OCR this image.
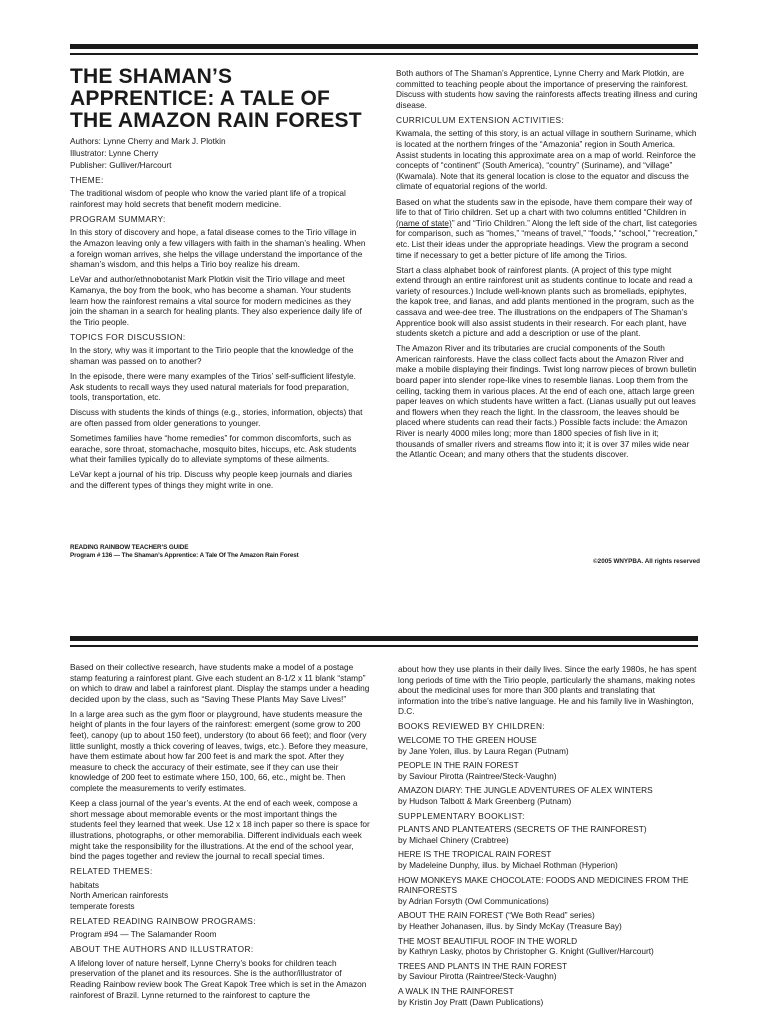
THE SHAMAN’S APPRENTICE: A TALE OF THE AMAZON RAIN FOREST
Authors: Lynne Cherry and Mark J. Plotkin
Illustrator: Lynne Cherry
Publisher: Gulliver/Harcourt
THEME:

The traditional wisdom of people who know the varied plant life of a tropical rainforest may hold secrets that benefit modern medicine.

PROGRAM SUMMARY:

In this story of discovery and hope, a fatal disease comes to the Tirio village in the Amazon leaving only a few villagers with faith in the shaman’s healing. When a foreign woman arrives, she helps the village understand the importance of the shaman’s wisdom, and this helps a Tirio boy realize his dream.

LeVar and author/ethnobotanist Mark Plotkin visit the Tirio village and meet Kamanya, the boy from the book, who has become a shaman. Your students learn how the rainforest remains a vital source for modern medicines as they join the shaman in a search for healing plants. They also experience daily life of the Tirio people.

TOPICS FOR DISCUSSION:

In the story, why was it important to the Tirio people that the knowledge of the shaman was passed on to another?

In the episode, there were many examples of the Tirios’ self-sufficient lifestyle. Ask students to recall ways they used natural materials for food preparation, tools, transportation, etc.

Discuss with students the kinds of things (e.g., stories, information, objects) that are often passed from older generations to younger.

Sometimes families have “home remedies” for common discomforts, such as earache, sore throat, stomachache, mosquito bites, hiccups, etc. Ask students what their families typically do to alleviate symptoms of these ailments.

LeVar kept a journal of his trip. Discuss why people keep journals and diaries and the different types of things they might write in one.

Both authors of The Shaman’s Apprentice, Lynne Cherry and Mark Plotkin, are committed to teaching people about the importance of preserving the rainforest. Discuss with students how saving the rainforests affects treating illness and curing disease.

CURRICULUM EXTENSION ACTIVITIES:

Kwamala, the setting of this story, is an actual village in southern Suriname, which is located at the northern fringes of the “Amazonia” region in South America. Assist students in locating this approximate area on a map of world. Reinforce the concepts of “continent” (South America), “country” (Suriname), and “village” (Kwamala). Note that its general location is close to the equator and discuss the climate of equatorial regions of the world.

Based on what the students saw in the episode, have them compare their way of life to that of Tirio children. Set up a chart with two columns entitled “Children in (name of state)” and “Tirio Children.” Along the left side of the chart, list categories for comparison, such as “homes,” “means of travel,” “foods,” “school,” “recreation,” etc. List their ideas under the appropriate headings. View the program a second time if necessary to get a better picture of life among the Tirios.

Start a class alphabet book of rainforest plants. (A project of this type might extend through an entire rainforest unit as students continue to locate and read a variety of resources.) Include well-known plants such as bromeliads, epiphytes, the kapok tree, and lianas, and add plants mentioned in the program, such as the cassava and wee-dee tree. The illustrations on the endpapers of The Shaman’s Apprentice book will also assist students in their research. For each plant, have students sketch a picture and add a description or use of the plant.

The Amazon River and its tributaries are crucial components of the South American rainforests. Have the class collect facts about the Amazon River and make a mobile displaying their findings. Twist long narrow pieces of brown bulletin board paper into slender rope-like vines to resemble lianas. Loop them from the ceiling, tacking them in various places. At the end of each one, attach large green paper leaves on which students have written a fact. (Lianas usually put out leaves and flowers when they reach the light. In the classroom, the leaves should be placed where students can read their facts.) Possible facts include: the Amazon River is nearly 4000 miles long; more than 1800 species of fish live in it; thousands of smaller rivers and streams flow into it; it is over 37 miles wide near the Atlantic Ocean; and many others that the students discover.

READING RAINBOW TEACHER’S GUIDE
Program # 136 — The Shaman’s Apprentice: A Tale Of The Amazon Rain Forest
©2005 WNYPBA. All rights reserved

Based on their collective research, have students make a model of a postage stamp featuring a rainforest plant. Give each student an 8-1/2 x 11 blank “stamp” on which to draw and label a rainforest plant. Display the stamps under a heading decided upon by the class, such as “Saving These Plants May Save Lives!”

In a large area such as the gym floor or playground, have students measure the height of plants in the four layers of the rainforest: emergent (some grow to 200 feet), canopy (up to about 150 feet), understory (to about 66 feet); and floor (very little sunlight, mostly a thick covering of leaves, twigs, etc.). Before they measure, have them estimate about how far 200 feet is and mark the spot. After they measure to check the accuracy of their estimate, see if they can use their knowledge of 200 feet to estimate where 150, 100, 66, etc., might be. Then complete the measurements to verify estimates.

Keep a class journal of the year’s events. At the end of each week, compose a short message about memorable events or the most important things the students feel they learned that week. Use 12 x 18 inch paper so there is space for illustrations, photographs, or other memorabilia. Different individuals each week might take the responsibility for the illustrations. At the end of the school year, bind the pages together and review the journal to recall special times.

RELATED THEMES:
habitats
North American rainforests
temperate forests
RELATED READING RAINBOW PROGRAMS:

Program #94 — The Salamander Room

ABOUT THE AUTHORS AND ILLUSTRATOR:

A lifelong lover of nature herself, Lynne Cherry’s books for children teach preservation of the planet and its resources. She is the author/illustrator of Reading Rainbow review book The Great Kapok Tree which is set in the Amazon rainforest of Brazil. Lynne returned to the rainforest to capture the

about how they use plants in their daily lives. Since the early 1980s, he has spent long periods of time with the Tirio people, particularly the shamans, making notes about the medicinal uses for more than 300 plants and translating that information into the tribe’s native language. He and his family live in Washington, D.C.

BOOKS REVIEWED BY CHILDREN:
WELCOME TO THE GREEN HOUSE
by Jane Yolen, illus. by Laura Regan (Putnam)
PEOPLE IN THE RAIN FOREST
by Saviour Pirotta (Raintree/Steck-Vaughn)
AMAZON DIARY: THE JUNGLE ADVENTURES OF ALEX WINTERS
by Hudson Talbott & Mark Greenberg (Putnam)
SUPPLEMENTARY BOOKLIST:
PLANTS AND PLANTEATERS (SECRETS OF THE RAINFOREST)
by Michael Chinery (Crabtree)
HERE IS THE TROPICAL RAIN FOREST
by Madeleine Dunphy, illus. by Michael Rothman (Hyperion)
HOW MONKEYS MAKE CHOCOLATE: FOODS AND MEDICINES FROM THE RAINFORESTS
by Adrian Forsyth (Owl Communications)
ABOUT THE RAIN FOREST (“We Both Read” series)
by Heather Johanasen, illus. by Sindy McKay (Treasure Bay)
THE MOST BEAUTIFUL ROOF IN THE WORLD
by Kathryn Lasky, photos by Christopher G. Knight (Gulliver/Harcourt)
TREES AND PLANTS IN THE RAIN FOREST
by Saviour Pirotta (Raintree/Steck-Vaughn)
A WALK IN THE RAINFOREST
by Kristin Joy Pratt (Dawn Publications)
